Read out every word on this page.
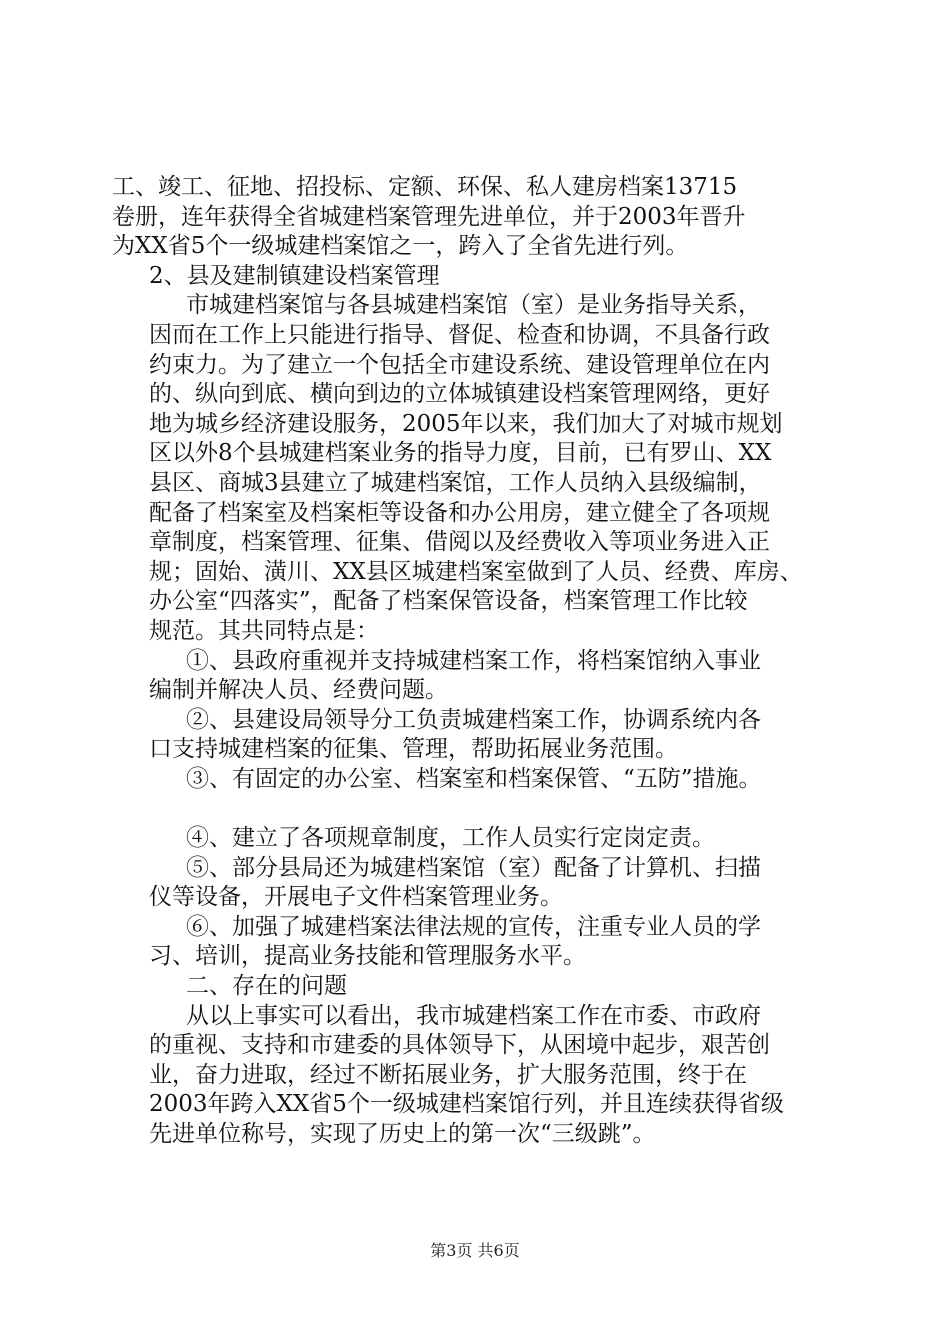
工、竣工、征地、招投标、定额、环保、私人建房档案13715
卷册，连年获得全省城建档案管理先进单位，并于2003年晋升
为XX省5个一级城建档案馆之一，跨入了全省先进行列。
2、县及建制镇建设档案管理
市城建档案馆与各县城建档案馆（室）是业务指导关系，
因而在工作上只能进行指导、督促、检查和协调，不具备行政
约束力。为了建立一个包括全市建设系统、建设管理单位在内
的、纵向到底、横向到边的立体城镇建设档案管理网络，更好
地为城乡经济建设服务，2005年以来，我们加大了对城市规划
区以外8个县城建档案业务的指导力度，目前，已有罗山、XX
县区、商城3县建立了城建档案馆，工作人员纳入县级编制，
配备了档案室及档案柜等设备和办公用房，建立健全了各项规
章制度，档案管理、征集、借阅以及经费收入等项业务进入正
规；固始、潢川、XX县区城建档案室做到了人员、经费、库房、
办公室“四落实”，配备了档案保管设备，档案管理工作比较
规范。其共同特点是：
①、县政府重视并支持城建档案工作，将档案馆纳入事业
编制并解决人员、经费问题。
②、县建设局领导分工负责城建档案工作，协调系统内各
口支持城建档案的征集、管理，帮助拓展业务范围。
③、有固定的办公室、档案室和档案保管、“五防”措施。
④、建立了各项规章制度，工作人员实行定岗定责。
⑤、部分县局还为城建档案馆（室）配备了计算机、扫描
仪等设备，开展电子文件档案管理业务。
⑥、加强了城建档案法律法规的宣传，注重专业人员的学
习、培训，提高业务技能和管理服务水平。
二、存在的问题
从以上事实可以看出，我市城建档案工作在市委、市政府
的重视、支持和市建委的具体领导下，从困境中起步，艰苦创
业，奋力进取，经过不断拓展业务，扩大服务范围，终于在
2003年跨入XX省5个一级城建档案馆行列，并且连续获得省级
先进单位称号，实现了历史上的第一次“三级跳”。
第3页 共6页
